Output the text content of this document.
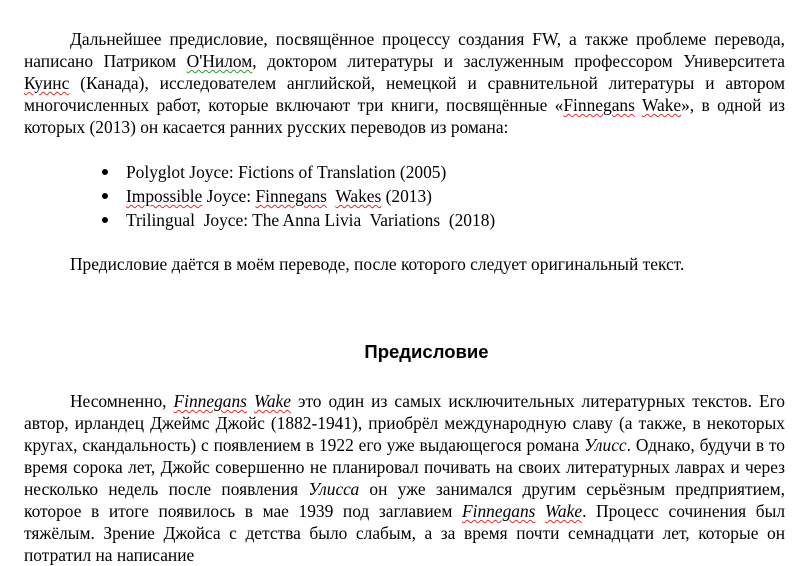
Дальнейшее предисловие, посвящённое процессу создания FW, а также проблеме перевода, написано Патриком О'Нилом, доктором литературы и заслуженным профессором Университета Куинс (Канада), исследователем английской, немецкой и сравнительной литературы и автором многочисленных работ, которые включают три книги, посвящённые «Finnegans Wake», в одной из которых (2013) он касается ранних русских переводов из романа:

Polyglot Joyce: Fictions of Translation (2005)
Impossible Joyce: Finnegans Wakes (2013)
Trilingual  Joyce: The Anna Livia  Variations  (2018)
Предисловие даётся в моём переводе, после которого следует оригинальный текст.
Предисловие

Несомненно, Finnegans Wake это один из самых исключительных литературных текстов. Его автор, ирландец Джеймс Джойс (1882-1941), приобрёл международную славу (а также, в некоторых кругах, скандальность) с появлением в 1922 его уже выдающегося романа Улисс. Однако, будучи в то время сорока лет, Джойс совершенно не планировал почивать на своих литературных лаврах и через несколько недель после появления Улисса он уже занимался другим серьёзным предприятием, которое в итоге появилось в мае 1939 под заглавием Finnegans Wake. Процесс сочинения был тяжёлым. Зрение Джойса с детства было слабым, а за время почти семнадцати лет, которые он потратил на написание
